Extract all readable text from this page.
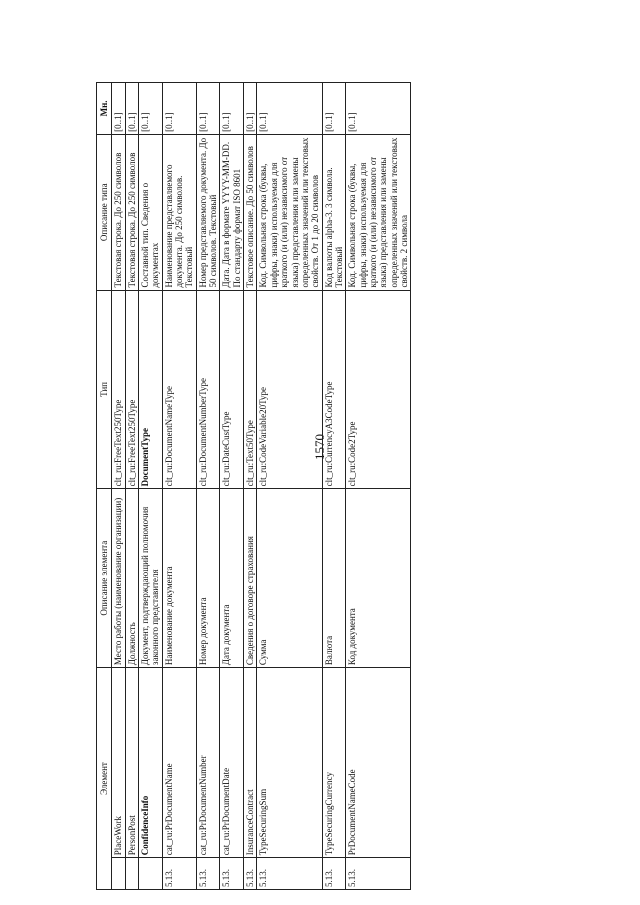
1570
Элемент		Описание элемента	Тип	Описание типа	Мн.
	PlaceWork	Место работы (наименование организации)	clt_ru:FreeText250Type	Текстовая строка. До 250 символов	[0..1]
	PersonPost	Должность	clt_ru:FreeText250Type	Текстовая строка. До 250 символов	[0..1]
	ConfidenceInfo	Документ, подтверждающий полномочия законного представителя	DocumentType	Составной тип. Сведения о документах	[0..1]
5.13.	cat_ru:PrDocumentName	Наименование документа	clt_ru:DocumentNameType	Наименование представляемого документа. До 250 символов. Текстовый	[0..1]
5.13.	cat_ru:PrDocumentNumber	Номер документа	clt_ru:DocumentNumberType	Номер представляемого документа. До 50 символов. Текстовый	[0..1]
5.13.	cat_ru:PrDocumentDate	Дата документа	clt_ru:DateCustType	Дата. Дата в формате YYYY-MM-DD. По стандарту формат ISO 8601	[0..1]
5.13.	InsuranceContract	Сведения о договоре страхования	clt_ru:Text50Type	Текстовое описание. До 50 символов	[0..1]
5.13.	TypeSecuringSum	Сумма	clt_ru:CodeVariable20Type	Код. Символьная строка (буквы, цифры, знаки) используемая для краткого (и (или) независимого от языка) представления или замены определенных значений или текстовых свойств. От 1 до 20 символов	[0..1]
5.13.	TypeSecuringCurrency	Валюта	clt_ru:CurrencyA3CodeType	Код валюты alpha-3. 3 символа. Текстовый	[0..1]
5.13.	PrDocumentNameCode	Код документа	clt_ru:Code2Type	Код. Символьная строка (буквы, цифры, знаки) используемая для краткого (и (или) независимого от языка) представления или замены определенных значений или текстовых свойств. 2 символа	[0..1]
